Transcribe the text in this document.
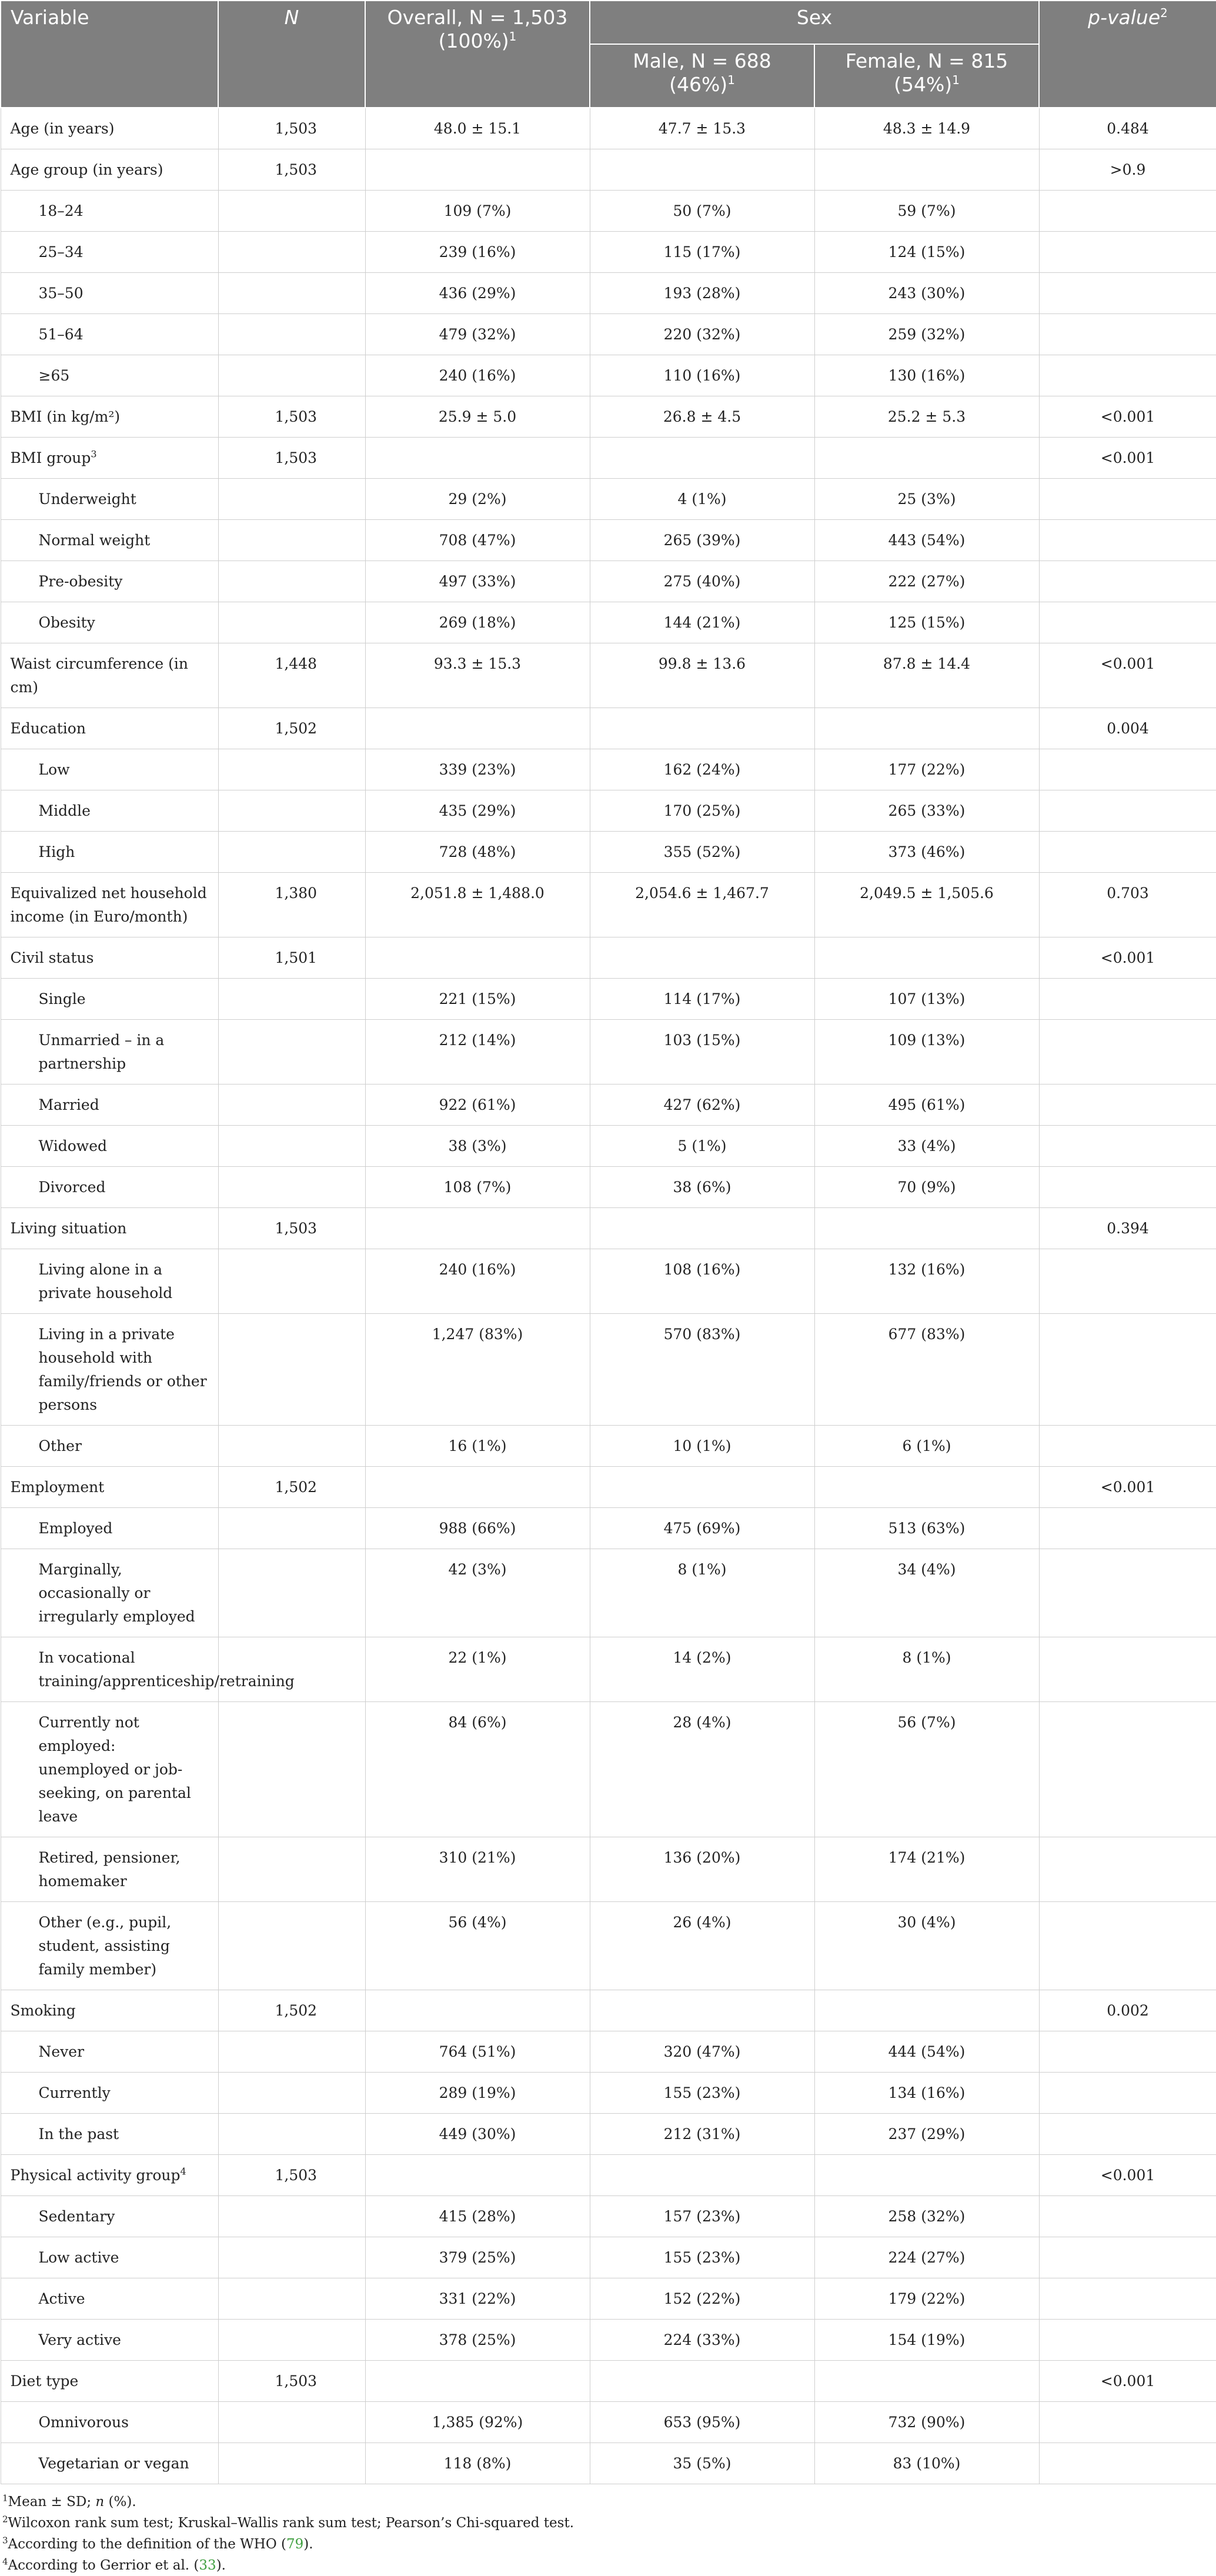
Variable	N	Overall, N = 1,503 $(100\%)^1$	Sex		p-value$^2$
			Male, N = 688 $(46\%)^1$	Female, N = 815 $(54\%)^1$
Age (in years)	1,503	48.0 ± 15.1	47.7 ± 15.3	48.3 ± 14.9	0.484
Age group (in years)	1,503				>0.9
18–24		109 (7%)	50 (7%)	59 (7%)	
25–34		239 (16%)	115 (17%)	124 (15%)	
35–50		436 (29%)	193 (28%)	243 (30%)	
51–64		479 (32%)	220 (32%)	259 (32%)	
≥65		240 (16%)	110 (16%)	130 (16%)	
BMI (in kg/m²)	1,503	25.9 ± 5.0	26.8 ± 4.5	25.2 ± 5.3	<0.001
BMI group$^3$	1,503				<0.001
Underweight		29 (2%)	4 (1%)	25 (3%)	
Normal weight		708 (47%)	265 (39%)	443 (54%)	
Pre-obesity		497 (33%)	275 (40%)	222 (27%)	
Obesity		269 (18%)	144 (21%)	125 (15%)	
Waist circumference (in cm)	1,448	93.3 ± 15.3	99.8 ± 13.6	87.8 ± 14.4	<0.001
Education	1,502				0.004
Low		339 (23%)	162 (24%)	177 (22%)	
Middle		435 (29%)	170 (25%)	265 (33%)	
High		728 (48%)	355 (52%)	373 (46%)	
Equivalized net household income (in Euro/month)	1,380	2,051.8 ± 1,488.0	2,054.6 ± 1,467.7	2,049.5 ± 1,505.6	0.703
Civil status	1,501				<0.001
Single		221 (15%)	114 (17%)	107 (13%)	
Unmarried – in a partnership		212 (14%)	103 (15%)	109 (13%)	
Married		922 (61%)	427 (62%)	495 (61%)	
Widowed		38 (3%)	5 (1%)	33 (4%)	
Divorced		108 (7%)	38 (6%)	70 (9%)	
Living situation	1,503				0.394
Living alone in a private household		240 (16%)	108 (16%)	132 (16%)	
Living in a private household with family/friends or other persons		1,247 (83%)	570 (83%)	677 (83%)	
Other		16 (1%)	10 (1%)	6 (1%)	
Employment	1,502				<0.001
Employed		988 (66%)	475 (69%)	513 (63%)	
Marginally, occasionally or irregularly employed		42 (3%)	8 (1%)	34 (4%)	
In vocational training/apprenticeship/retraining		22 (1%)	14 (2%)	8 (1%)	
Currently not employed: unemployed or job-seeking, on parental leave		84 (6%)	28 (4%)	56 (7%)	
Retired, pensioner, homemaker		310 (21%)	136 (20%)	174 (21%)	
Other (e.g., pupil, student, assisting family member)		56 (4%)	26 (4%)	30 (4%)	
Smoking	1,502				0.002
Never		764 (51%)	320 (47%)	444 (54%)	
Currently		289 (19%)	155 (23%)	134 (16%)	
In the past		449 (30%)	212 (31%)	237 (29%)	
Physical activity group$^4$	1,503				<0.001
Sedentary		415 (28%)	157 (23%)	258 (32%)	
Low active		379 (25%)	155 (23%)	224 (27%)	
Active		331 (22%)	152 (22%)	179 (22%)	
Very active		378 (25%)	224 (33%)	154 (19%)	
Diet type	1,503				<0.001
Omnivorous		1,385 (92%)	653 (95%)	732 (90%)	
Vegetarian or vegan		118 (8%)	35 (5%)	83 (10%)	
$^1$Mean ± SD; n (%).
$^2$Wilcoxon rank sum test; Kruskal–Wallis rank sum test; Pearson’s Chi-squared test.
$^3$According to the definition of the WHO (79).
$^4$According to Gerrior et al. (33).
